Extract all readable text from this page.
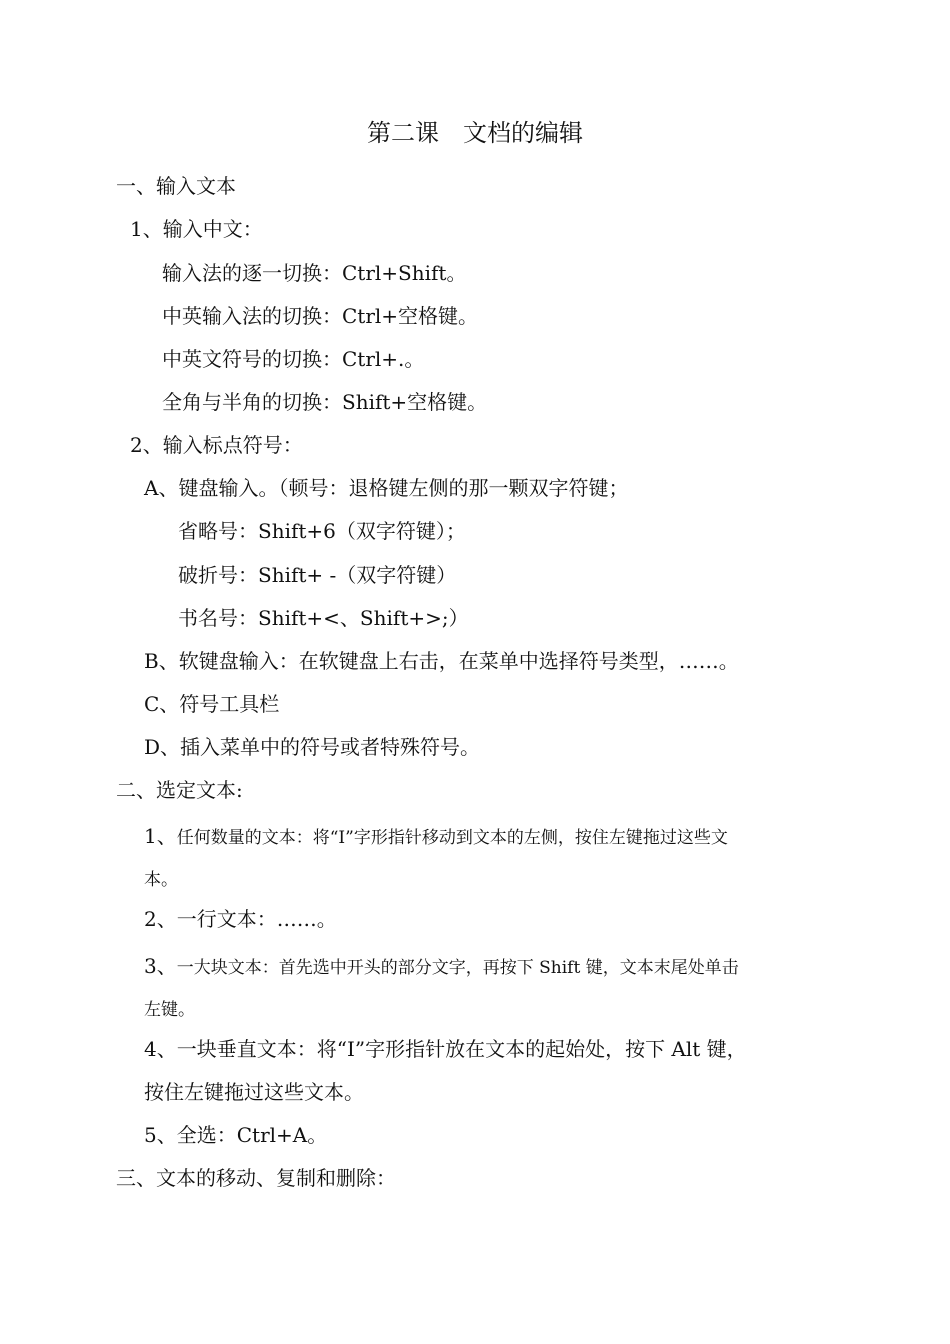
第二课　文档的编辑
一、输入文本
1、输入中文：
输入法的逐一切换：Ctrl+Shift。
中英输入法的切换：Ctrl+空格键。
中英文符号的切换：Ctrl+.。
全角与半角的切换：Shift+空格键。
2、输入标点符号：
A、键盘输入。（顿号：退格键左侧的那一颗双字符键；
省略号：Shift+6（双字符键）；
破折号：Shift+ -（双字符键）
书名号：Shift+<、Shift+>;）
B、软键盘输入：在软键盘上右击，在菜单中选择符号类型，……。
C、符号工具栏
D、插入菜单中的符号或者特殊符号。
二、选定文本:
1、任何数量的文本：将“I”字形指针移动到文本的左侧，按住左键拖过这些文
本。
2、一行文本：……。
3、一大块文本：首先选中开头的部分文字，再按下 Shift 键，文本末尾处单击
左键。
4、一块垂直文本：将“I”字形指针放在文本的起始处，按下 Alt 键，
按住左键拖过这些文本。
5、全选：Ctrl+A。
三、文本的移动、复制和删除：
